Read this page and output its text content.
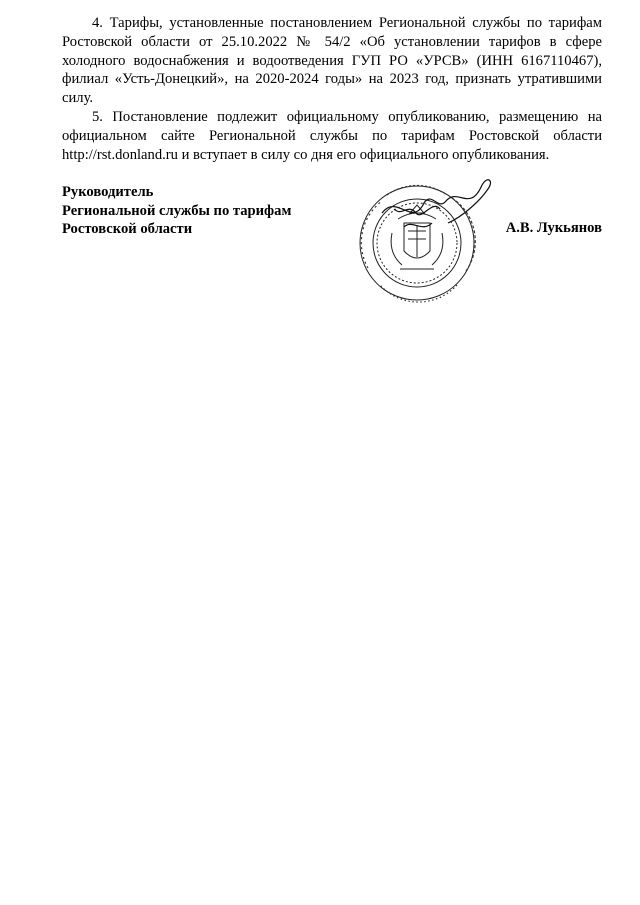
4. Тарифы, установленные постановлением Региональной службы по тарифам Ростовской области от 25.10.2022 № 54/2 «Об установлении тарифов в сфере холодного водоснабжения и водоотведения ГУП РО «УРСВ» (ИНН 6167110467), филиал «Усть-Донецкий», на 2020-2024 годы» на 2023 год, признать утратившими силу.

5. Постановление подлежит официальному опубликованию, размещению на официальном сайте Региональной службы по тарифам Ростовской области http://rst.donland.ru и вступает в силу со дня его официального опубликования.

Руководитель
Региональной службы по тарифам
Ростовской области	А.В. Лукьянов
